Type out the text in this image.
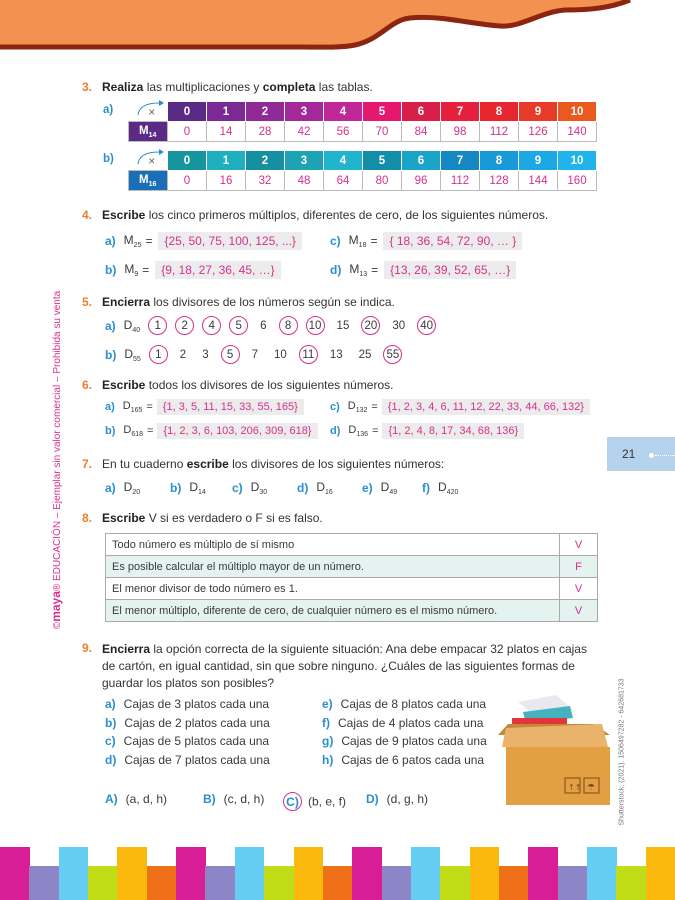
©maya® EDUCACIÓN – Ejemplar sin valor comercial – Prohibida su venta	21
3. Realiza las multiplicaciones y completa las tablas.
a)	×	0	1	2	3	4	5	6	7	8	9	10
$M_{14}$	0	14	28	42	56	70	84	98	112	126	140
b)	×	0	1	2	3	4	5	6	7	8	9	10
$M_{16}$	0	16	32	48	64	80	96	112	128	144	160
4. Escribe los cinco primeros múltiplos, diferentes de cero, de los siguientes números.
a) $M_{25}$ =	{25, 50, 75, 100, 125, ...}
b) $M_9$ =	{9, 18, 27, 36, 45, …}
c) $M_{18}$ =	{ 18, 36, 54, 72, 90, … }
d) $M_{13}$ =	{13, 26, 39, 52, 65, …}
5. Encierra los divisores de los números según se indica.
a) $D_{40}$	1	2	4	5	6	8	10 15 20 30 40
b) $D_{55}$	1	2 3	5	7 10	11	13 25 55
6. Escribe todos los divisores de los siguientes números.
a) $D_{165} = \{1$, 3, 5, 11, 15, 33, 55, 165}
b) $D_{618} = \{1$, 2, 3, 6, 103, 206, 309, 618}
c) $D_{132} = \{1$, 2, 3, 4, 6, 11, 12, 22, 33, 44, 66, 132}
d) $D_{136} = \{1$, 2, 4, 8, 17, 34, 68, 136}
7. En tu cuaderno escribe los divisores de los siguientes números:
a) $D_{20}$ b) $D_{14}$ c) $D_{30}$ d) $D_{16}$ e) $D_{49}$ f) $D_{420}$
8. Escribe V si es verdadero o F si es falso.
Todo número es múltiplo de sí mismo	V
Es posible calcular el múltiplo mayor de un número.	F
El menor divisor de todo número es 1.	V
El menor múltiplo, diferente de cero, de cualquier número es el mismo número.	V
9. Encierra la opción correcta de la siguiente situación: Ana debe empacar 32 platos en cajas
de cartón, en igual cantidad, sin que sobre ninguno. ¿Cuáles de las siguientes formas de
guardar los platos son posibles?
a) Cajas de 3 platos cada una
b) Cajas de 2 platos cada una
c) Cajas de 5 platos cada una
d) Cajas de 7 platos cada una
e) Cajas de 8 platos cada una
f) Cajas de 4 platos cada una
g) Cajas de 9 platos cada una
h) Cajas de 6 patos cada una
A) (a, d, h)	B) (c, d, h) C) (b, e, f) D) (d, g, h)
↑↑ ☂	Shutterstock, (2021). 1506497282 - 642681733
